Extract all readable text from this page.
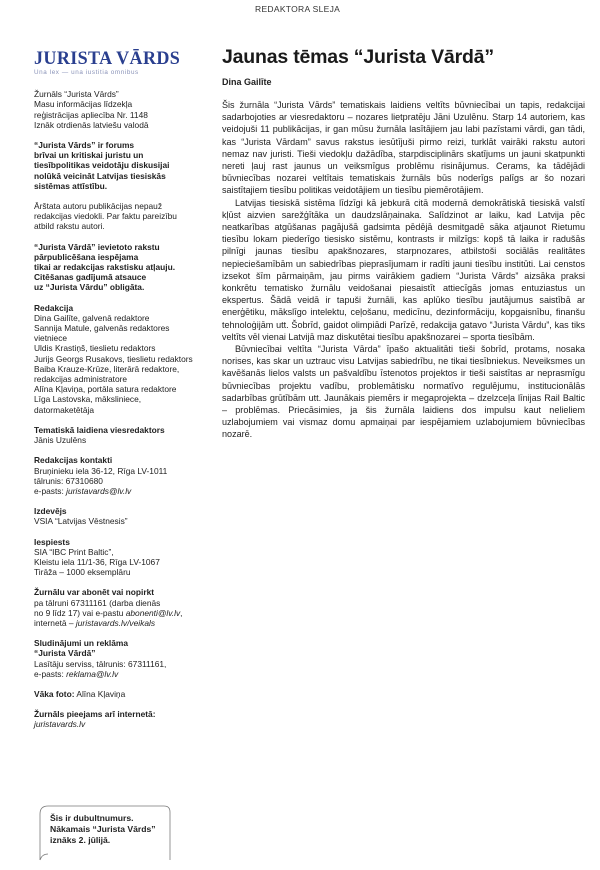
REDAKTORA SLEJA
JURISTA VĀRDS
Una lex — una iustitia omnibus

Žurnāls “Jurista Vārds”

Masu informācijas līdzekļa

reģistrācijas apliecība Nr. 1148

Iznāk otrdienās latviešu valodā

“Jurista Vārds” ir forums

brīvai un kritiskai juristu un

tiesībpolitikas veidotāju diskusijai

nolūkā veicināt Latvijas tiesiskās

sistēmas attīstību.

Ārštata autoru publikācijas nepauž

redakcijas viedokli. Par faktu pareizību

atbild rakstu autori.

“Jurista Vārdā” ievietoto rakstu

pārpublicēšana iespējama

tikai ar redakcijas rakstisku atļauju.

Citēšanas gadījumā atsauce

uz “Jurista Vārdu” obligāta.

Redakcija

Dina Gailīte, galvenā redaktore

Sannija Matule, galvenās redaktores

vietniece

Uldis Krastiņš, tieslietu redaktors

Jurijs Georgs Rusakovs, tieslietu redaktors

Baiba Krauze-Krūze, literārā redaktore,

redakcijas administratore

Alīna Kļaviņa, portāla satura redaktore

Līga Lastovska, māksliniece,

datormaketētāja

Tematiskā laidiena viesredaktors

Jānis Uzulēns

Redakcijas kontakti

Bruņinieku iela 36-12, Rīga LV-1011

tālrunis: 67310680

e-pasts: juristavards@lv.lv

Izdevējs

VSIA “Latvijas Vēstnesis”

Iespiests

SIA “IBC Print Baltic”,

Kleistu iela 11/1-36, Rīga LV-1067

Tirāža – 1000 eksemplāru

Žurnālu var abonēt vai nopirkt

pa tālruni 67311161 (darba dienās

no 9 līdz 17) vai e-pastu abonenti@lv.lv,

internetā – juristavards.lv/veikals

Sludinājumi un reklāma

“Jurista Vārdā”

Lasītāju serviss, tālrunis: 67311161,

e-pasts: reklama@lv.lv

Vāka foto: Alīna Kļaviņa

Žurnāls pieejams arī internetā:

juristavards.lv

Šis ir dubultnumurs.

Nākamais “Jurista Vārds”

iznāks 2. jūlijā.

Jaunas tēmas “Jurista Vārdā”
Dina Gailīte

Šis žurnāla “Jurista Vārds” tematiskais laidiens veltīts būvniecībai un tapis, redakcijai sadarbojoties ar viesredaktoru – nozares lietpratēju Jāni Uzulēnu. Starp 14 autoriem, kas veidojuši 11 publikācijas, ir gan mūsu žurnāla lasītājiem jau labi pazīstami vārdi, gan tādi, kas “Jurista Vārdam” savus rakstus iesūtījuši pirmo reizi, turklāt vairāki rakstu autori nemaz nav juristi. Tieši viedokļu dažādība, starpdisciplinārs skatījums un jauni skatpunkti nereti ļauj rast jaunus un veiksmīgus problēmu risinājumus. Cerams, ka tādējādi būvniecības nozarei veltītais tematiskais žurnāls būs noderīgs palīgs ar šo nozari saistītajiem tiesību politikas veidotājiem un tiesību piemērotājiem.

Latvijas tiesiskā sistēma līdzīgi kā jebkurā citā modernā demokrātiskā tiesiskā valstī kļūst aizvien sarežģītāka un daudzslāņainaka. Salīdzinot ar laiku, kad Latvija pēc neatkarības atgūšanas pagājušā gadsimta pēdējā desmitgadē sāka atjaunot Rietumu tiesību lokam piederīgo tiesisko sistēmu, kontrasts ir milzīgs: kopš tā laika ir radušās pilnīgi jaunas tiesību apakšnozares, starpnozares, atbilstoši sociālās realitātes nepieciešamībām un sabiedrības pieprasījumam ir radīti jauni tiesību institūti. Lai censtos izsekot šīm pārmaiņām, jau pirms vairākiem gadiem “Jurista Vārds” aizsāka praksi konkrētu tematisko žurnālu veidošanai piesaistīt attiecīgās jomas entuziastus un ekspertus. Šādā veidā ir tapuši žurnāli, kas aplūko tiesību jautājumus saistībā ar enerģētiku, mākslīgo intelektu, ceļošanu, medicīnu, dezinformāciju, kopgaisnību, finanšu tehnoloģijām utt. Šobrīd, gaidot olimpiādi Parīzē, redakcija gatavo “Jurista Vārdu”, kas tiks veltīts vēl vienai Latvijā maz diskutētai tiesību apakšnozarei – sporta tiesībām.

Būvniecībai veltīta “Jurista Vārda” īpašo aktualitāti tieši šobrīd, protams, nosaka norises, kas skar un uztrauc visu Latvijas sabiedrību, ne tikai tiesībniekus. Neveiksmes un kavēšanās lielos valsts un pašvaldību īstenotos projektos ir tieši saistītas ar neprasmīgu būvniecības projektu vadību, problemātisku normatīvo regulējumu, institucionālās sadarbības grūtībām utt. Jaunākais piemērs ir megaprojekta – dzelzceļa līnijas Rail Baltic – problēmas. Priecāsimies, ja šis žurnāla laidiens dos impulsu kaut nelieliem uzlabojumiem vai vismaz domu apmaiņai par iespējamiem uzlabojumiem būvniecības nozarē.
